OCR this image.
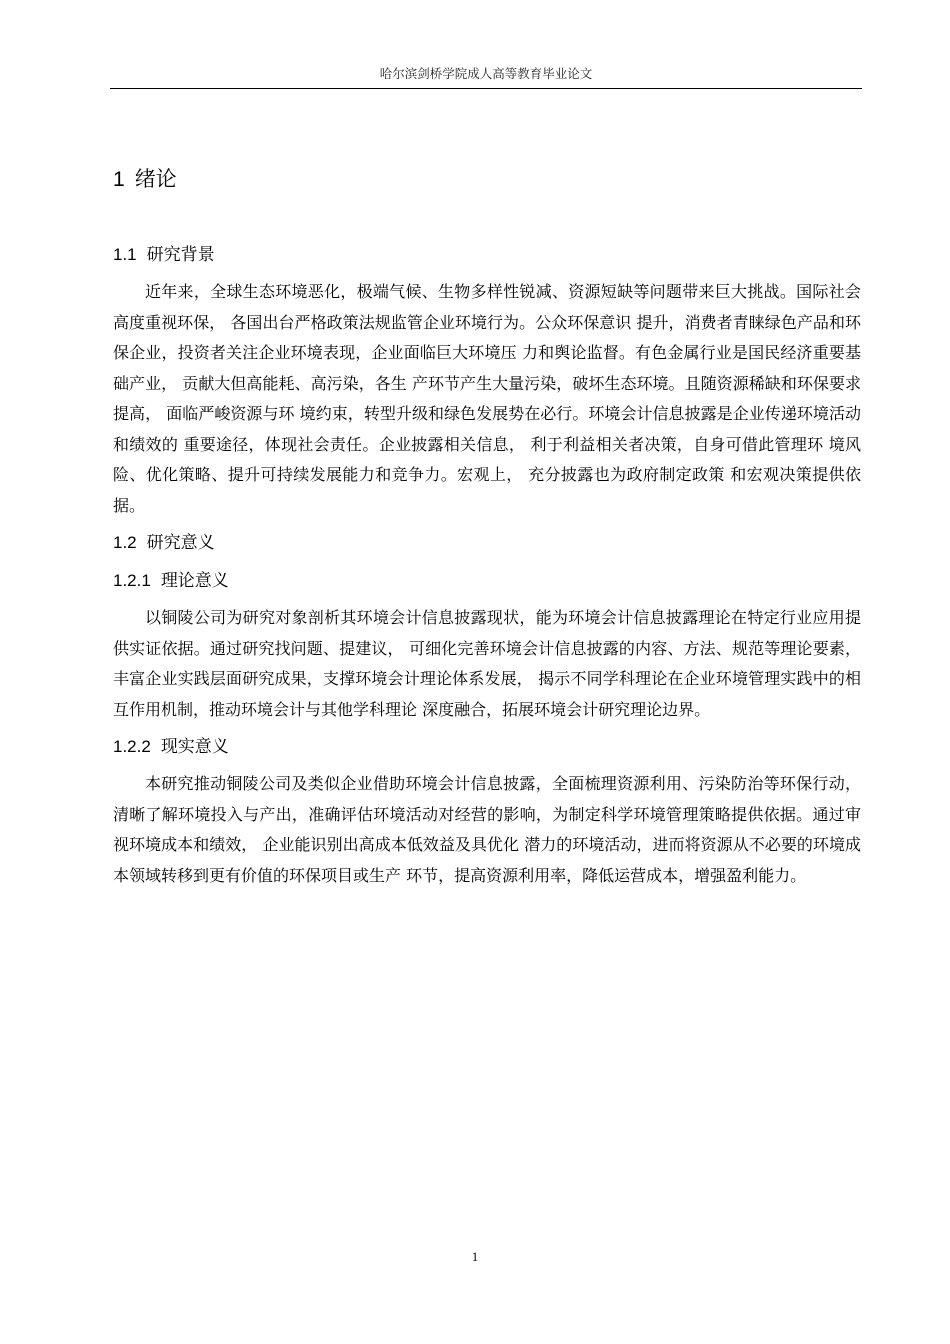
哈尔滨剑桥学院成人高等教育毕业论文
1 绪论
1.1 研究背景

近年来，全球生态环境恶化，极端气候、生物多样性锐减、资源短缺等问题带来巨大挑战。国际社会高度重视环保， 各国出台严格政策法规监管企业环境行为。公众环保意识 提升，消费者青睐绿色产品和环保企业，投资者关注企业环境表现，企业面临巨大环境压 力和舆论监督。有色金属行业是国民经济重要基础产业， 贡献大但高能耗、高污染，各生 产环节产生大量污染，破坏生态环境。且随资源稀缺和环保要求提高， 面临严峻资源与环 境约束，转型升级和绿色发展势在必行。环境会计信息披露是企业传递环境活动和绩效的 重要途径，体现社会责任。企业披露相关信息， 利于利益相关者决策，自身可借此管理环 境风险、优化策略、提升可持续发展能力和竞争力。宏观上， 充分披露也为政府制定政策 和宏观决策提供依据。

1.2 研究意义
1.2.1 理论意义

以铜陵公司为研究对象剖析其环境会计信息披露现状，能为环境会计信息披露理论在特定行业应用提供实证依据。通过研究找问题、提建议， 可细化完善环境会计信息披露的内容、方法、规范等理论要素， 丰富企业实践层面研究成果，支撑环境会计理论体系发展， 揭示不同学科理论在企业环境管理实践中的相互作用机制，推动环境会计与其他学科理论 深度融合，拓展环境会计研究理论边界。

1.2.2 现实意义

本研究推动铜陵公司及类似企业借助环境会计信息披露，全面梳理资源利用、污染防治等环保行动，清晰了解环境投入与产出，准确评估环境活动对经营的影响，为制定科学环境管理策略提供依据。通过审视环境成本和绩效， 企业能识别出高成本低效益及具优化 潜力的环境活动，进而将资源从不必要的环境成本领域转移到更有价值的环保项目或生产 环节，提高资源利用率，降低运营成本，增强盈利能力。

1
